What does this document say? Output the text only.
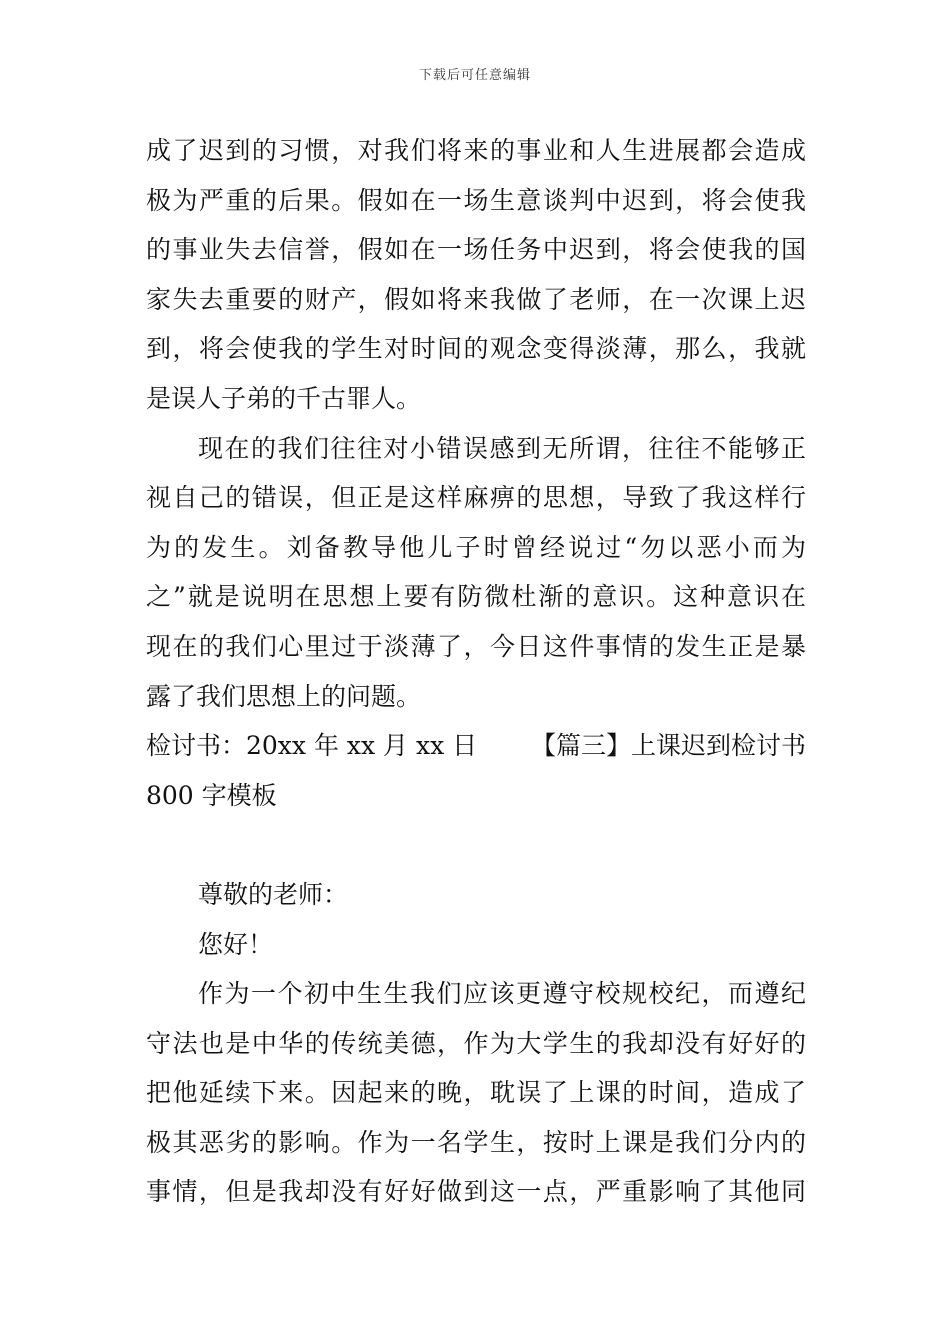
下载后可任意编辑
成了迟到的习惯，对我们将来的事业和人生进展都会造成
极为严重的后果。假如在一场生意谈判中迟到，将会使我
的事业失去信誉，假如在一场任务中迟到，将会使我的国
家失去重要的财产，假如将来我做了老师，在一次课上迟
到，将会使我的学生对时间的观念变得淡薄，那么，我就
是误人子弟的千古罪人。
现在的我们往往对小错误感到无所谓，往往不能够正
视自己的错误，但正是这样麻痹的思想，导致了我这样行
为的发生。刘备教导他儿子时曾经说过“勿以恶小而为
之”就是说明在思想上要有防微杜渐的意识。这种意识在
现在的我们心里过于淡薄了，今日这件事情的发生正是暴
露了我们思想上的问题。
检讨书：20xx 年 xx 月 xx 日 【篇三】上课迟到检讨书
800 字模板
尊敬的老师：
您好！
作为一个初中生生我们应该更遵守校规校纪，而遵纪
守法也是中华的传统美德，作为大学生的我却没有好好的
把他延续下来。因起来的晚，耽误了上课的时间，造成了
极其恶劣的影响。作为一名学生，按时上课是我们分内的
事情，但是我却没有好好做到这一点，严重影响了其他同
